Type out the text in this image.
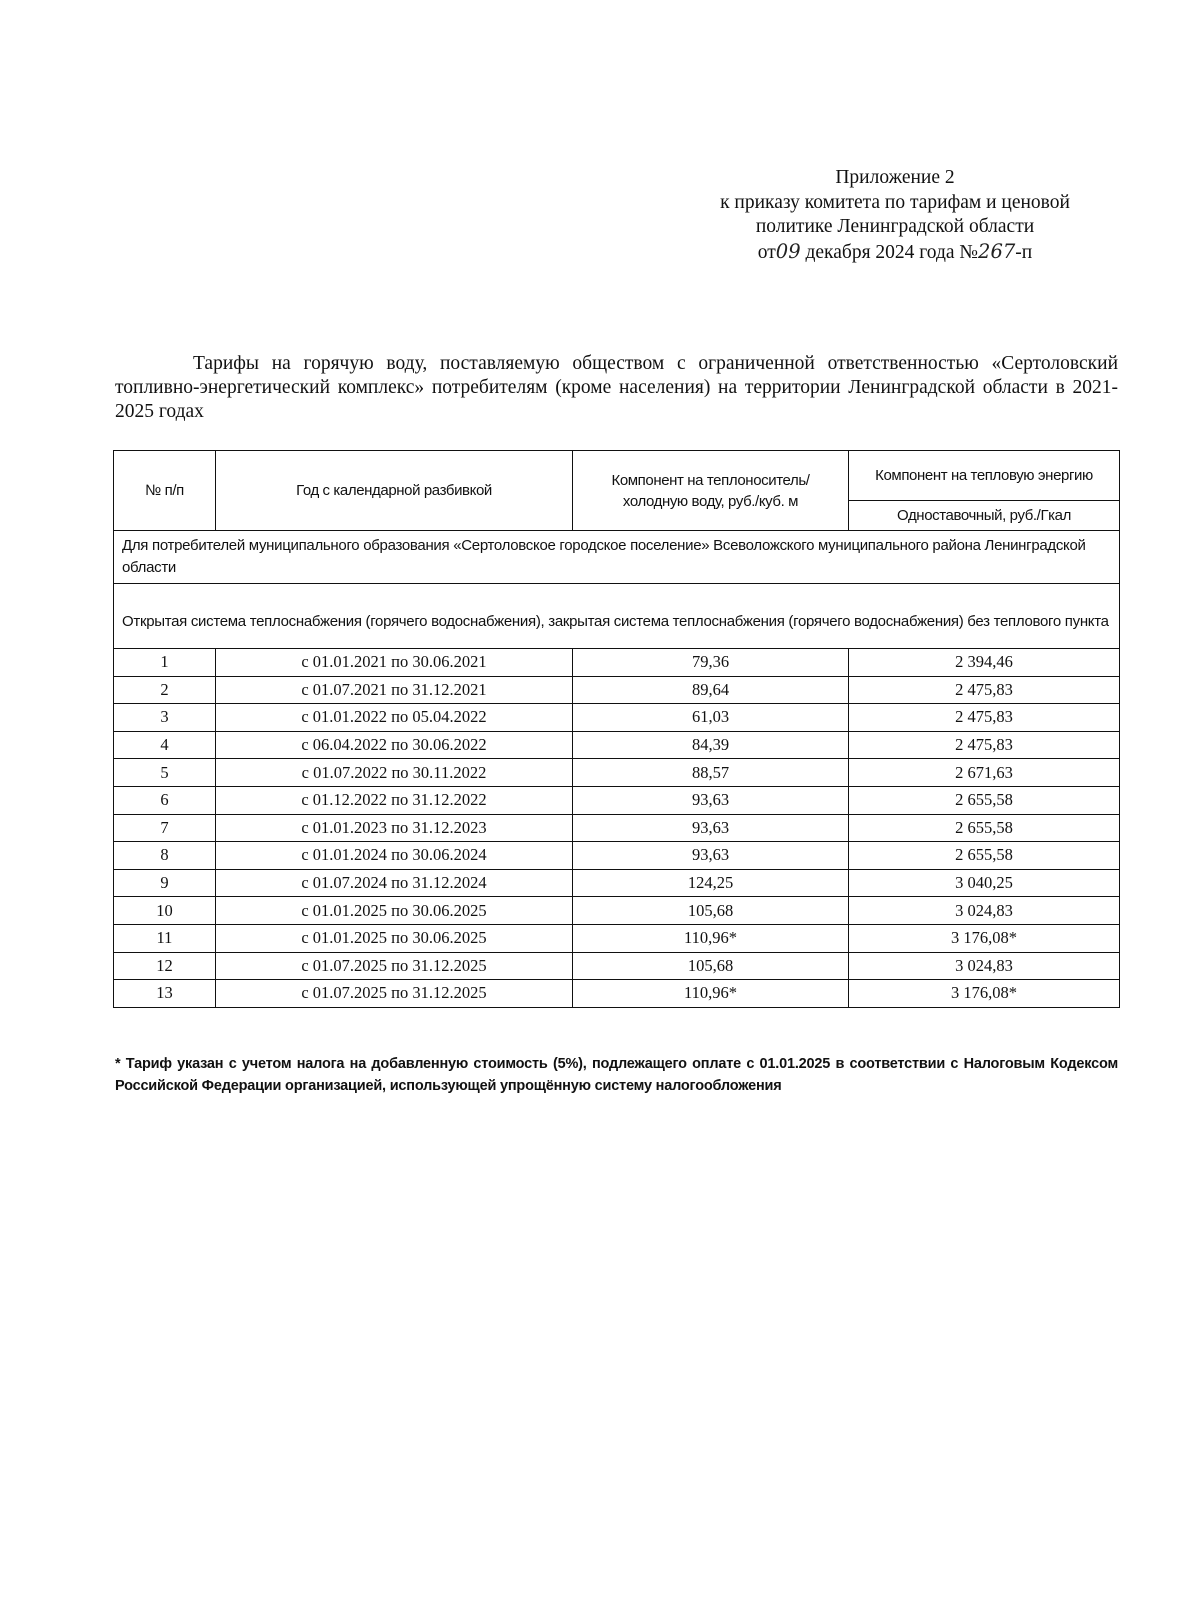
Приложение 2
к приказу комитета по тарифам и ценовой
политике Ленинградской области
от09 декабря 2024 года №267-п
Тарифы на горячую воду, поставляемую обществом с ограниченной ответственностью «Сертоловский топливно-энергетический комплекс» потребителям (кроме населения) на территории Ленинградской области в 2021-2025 годах
№ п/п	Год с календарной разбивкой	Компонент на теплоноситель/ холодную воду, руб./куб. м	Компонент на тепловую энергию
			Одноставочный, руб./Гкал
Для потребителей муниципального образования «Сертоловское городское поселение» Всеволожского муниципального района Ленинградской области			
Открытая система теплоснабжения (горячего водоснабжения), закрытая система теплоснабжения (горячего водоснабжения) без теплового пункта			
1	с 01.01.2021 по 30.06.2021	79,36	2 394,46
2	с 01.07.2021 по 31.12.2021	89,64	2 475,83
3	с 01.01.2022 по 05.04.2022	61,03	2 475,83
4	с 06.04.2022 по 30.06.2022	84,39	2 475,83
5	с 01.07.2022 по 30.11.2022	88,57	2 671,63
6	с 01.12.2022 по 31.12.2022	93,63	2 655,58
7	с 01.01.2023 по 31.12.2023	93,63	2 655,58
8	с 01.01.2024 по 30.06.2024	93,63	2 655,58
9	с 01.07.2024 по 31.12.2024	124,25	3 040,25
10	с 01.01.2025 по 30.06.2025	105,68	3 024,83
11	с 01.01.2025 по 30.06.2025	110,96*	3 176,08*
12	с 01.07.2025 по 31.12.2025	105,68	3 024,83
13	с 01.07.2025 по 31.12.2025	110,96*	3 176,08*
* Тариф указан с учетом налога на добавленную стоимость (5%), подлежащего оплате с 01.01.2025 в соответствии с Налоговым Кодексом Российской Федерации организацией, использующей упрощённую систему налогообложения
